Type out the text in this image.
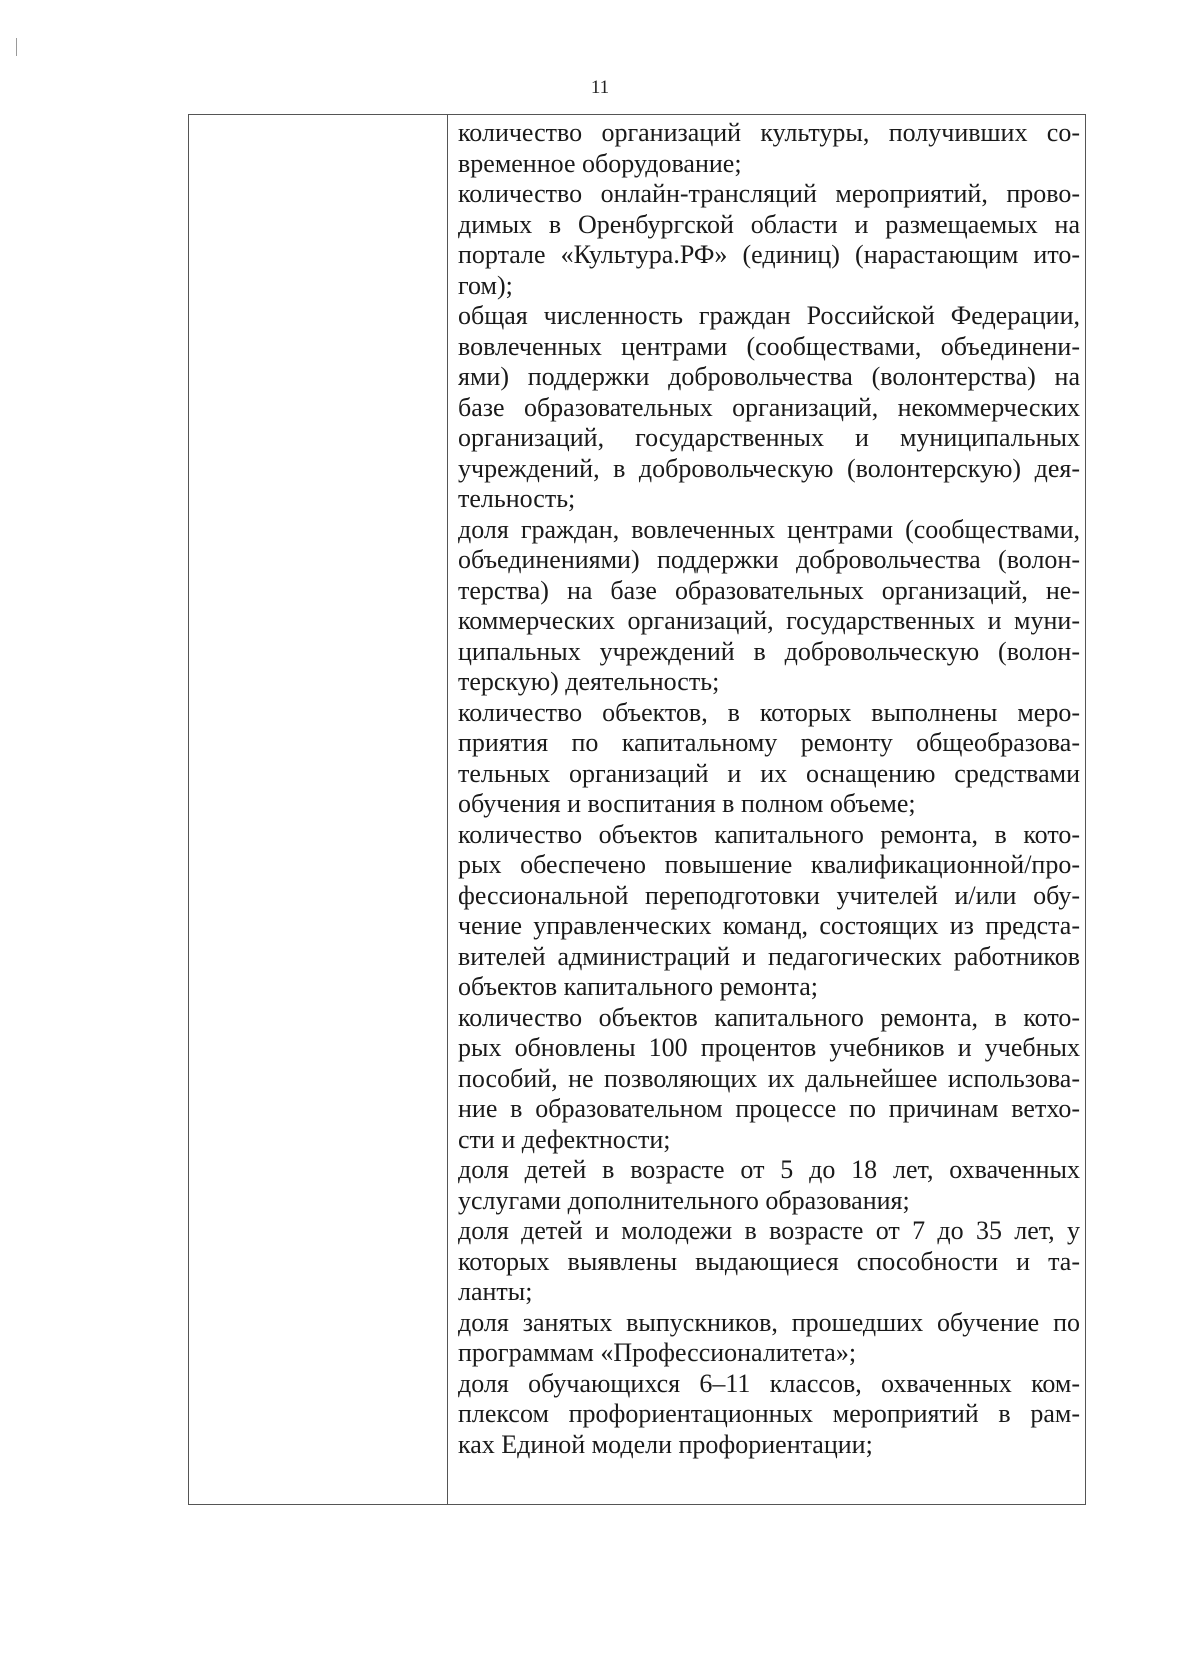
11
количество организаций культуры, получивших со-
временное оборудование;
количество онлайн-трансляций мероприятий, прово-
димых в Оренбургской области и размещаемых на
портале «Культура.РФ» (единиц) (нарастающим ито-
гом);
общая численность граждан Российской Федерации,
вовлеченных центрами (сообществами, объединени-
ями) поддержки добровольчества (волонтерства) на
базе образовательных организаций, некоммерческих
организаций, государственных и муниципальных
учреждений, в добровольческую (волонтерскую) дея-
тельность;
доля граждан, вовлеченных центрами (сообществами,
объединениями) поддержки добровольчества (волон-
терства) на базе образовательных организаций, не-
коммерческих организаций, государственных и муни-
ципальных учреждений в добровольческую (волон-
терскую) деятельность;
количество объектов, в которых выполнены меро-
приятия по капитальному ремонту общеобразова-
тельных организаций и их оснащению средствами
обучения и воспитания в полном объеме;
количество объектов капитального ремонта, в кото-
рых обеспечено повышение квалификационной/про-
фессиональной переподготовки учителей и/или обу-
чение управленческих команд, состоящих из предста-
вителей администраций и педагогических работников
объектов капитального ремонта;
количество объектов капитального ремонта, в кото-
рых обновлены 100 процентов учебников и учебных
пособий, не позволяющих их дальнейшее использова-
ние в образовательном процессе по причинам ветхо-
сти и дефектности;
доля детей в возрасте от 5 до 18 лет, охваченных
услугами дополнительного образования;
доля детей и молодежи в возрасте от 7 до 35 лет, у
которых выявлены выдающиеся способности и та-
ланты;
доля занятых выпускников, прошедших обучение по
программам «Профессионалитета»;
доля обучающихся 6–11 классов, охваченных ком-
плексом профориентационных мероприятий в рам-
ках Единой модели профориентации;
